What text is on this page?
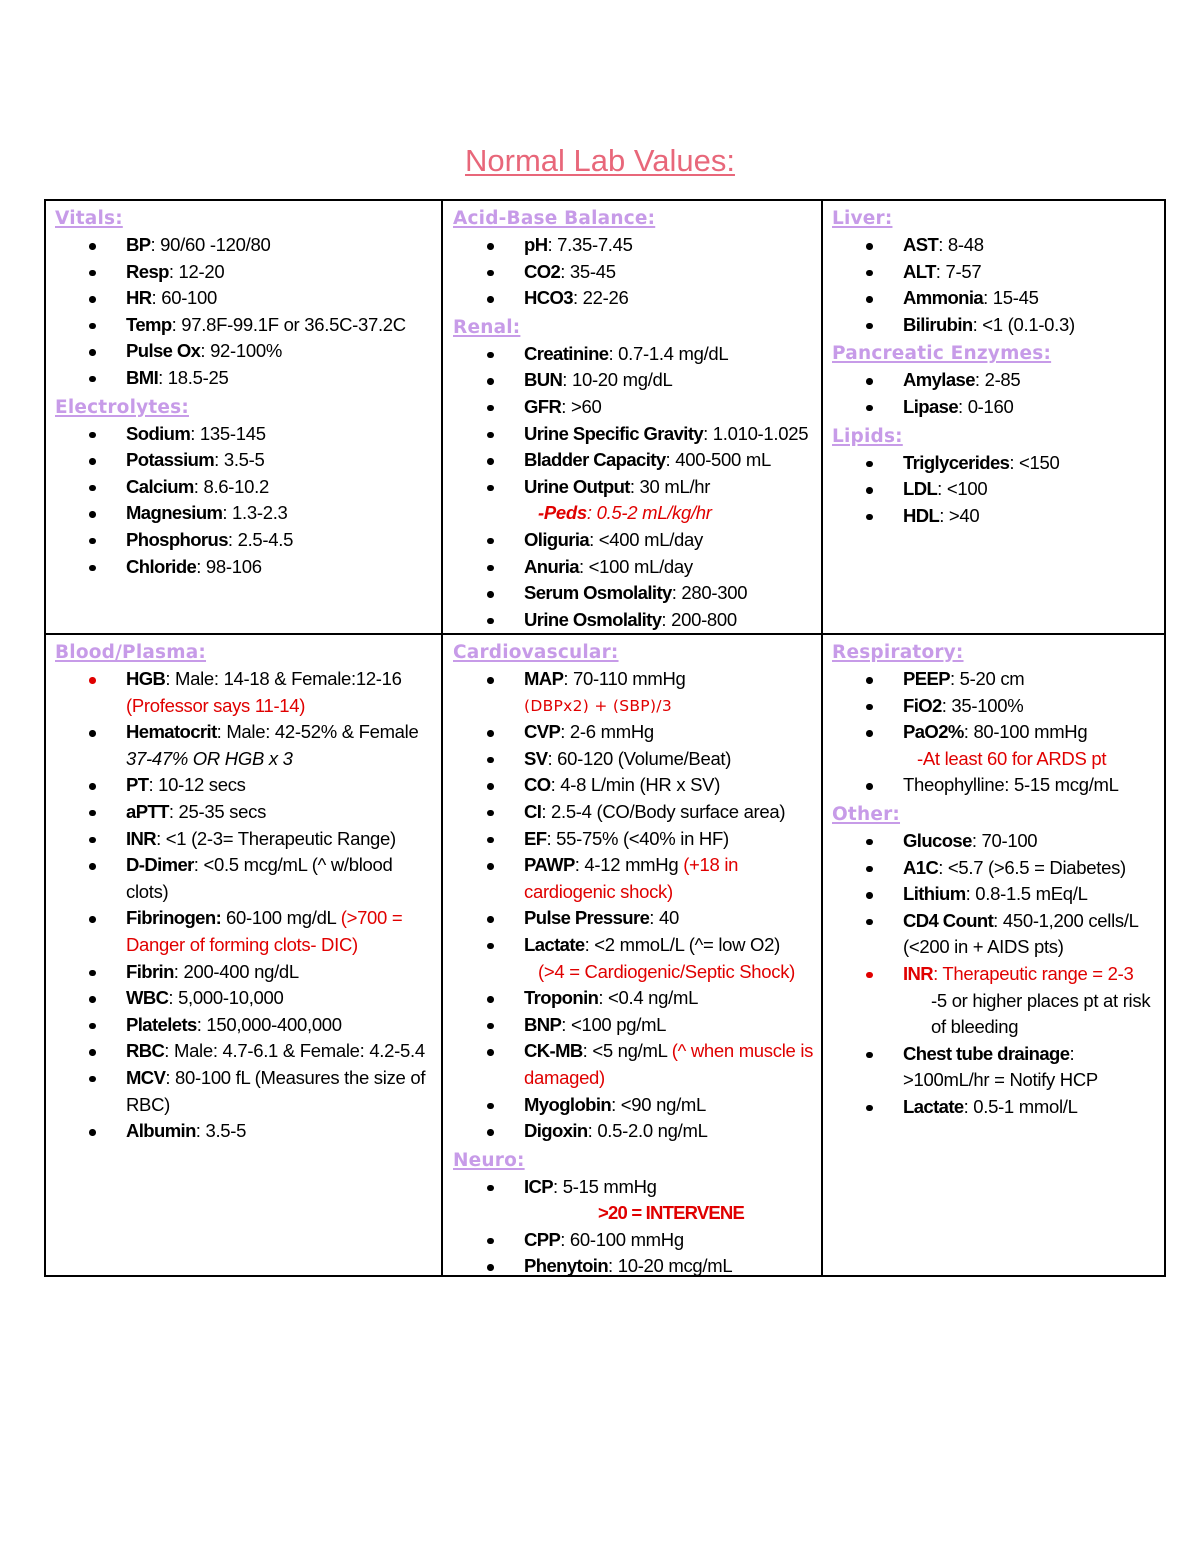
Normal Lab Values:
Vitals:
BP: 90/60 -120/80
Resp: 12-20
HR: 60-100
Temp: 97.8F-99.1F or 36.5C-37.2C
Pulse Ox: 92-100%
BMI: 18.5-25
Electrolytes:
Sodium: 135-145
Potassium: 3.5-5
Calcium: 8.6-10.2
Magnesium: 1.3-2.3
Phosphorus: 2.5-4.5
Chloride: 98-106
Acid-Base Balance:
pH: 7.35-7.45
CO2: 35-45
HCO3: 22-26
Renal:
Creatinine: 0.7-1.4 mg/dL
BUN: 10-20 mg/dL
GFR: >60
Urine Specific Gravity: 1.010-1.025
Bladder Capacity: 400-500 mL
Urine Output: 30 mL/hr
-Peds: 0.5-2 mL/kg/hr
Oliguria: <400 mL/day
Anuria: <100 mL/day
Serum Osmolality: 280-300
Urine Osmolality: 200-800
Liver:
AST: 8-48
ALT: 7-57
Ammonia: 15-45
Bilirubin: <1 (0.1-0.3)
Pancreatic Enzymes:
Amylase: 2-85
Lipase: 0-160
Lipids:
Triglycerides: <150
LDL: <100
HDL: >40
Blood/Plasma:
HGB: Male: 14-18 & Female:12-16
(Professor says 11-14)
Hematocrit: Male: 42-52% & Female
37-47% OR HGB x 3
PT: 10-12 secs
aPTT: 25-35 secs
INR: <1 (2-3= Therapeutic Range)
D-Dimer: <0.5 mcg/mL (^ w/blood clots)
Fibrinogen: 60-100 mg/dL (>700 = Danger of forming clots- DIC)
Fibrin: 200-400 ng/dL
WBC: 5,000-10,000
Platelets: 150,000-400,000
RBC: Male: 4.7-6.1 & Female: 4.2-5.4
MCV: 80-100 fL (Measures the size of RBC)
Albumin: 3.5-5
Cardiovascular:
MAP: 70-110 mmHg
(DBPx2) + (SBP)/3
CVP: 2-6 mmHg
SV: 60-120 (Volume/Beat)
CO: 4-8 L/min (HR x SV)
CI: 2.5-4 (CO/Body surface area)
EF: 55-75% (<40% in HF)
PAWP: 4-12 mmHg (+18 in cardiogenic shock)
Pulse Pressure: 40
Lactate: <2 mmoL/L (^= low O2)
(>4 = Cardiogenic/Septic Shock)
Troponin: <0.4 ng/mL
BNP: <100 pg/mL
CK-MB: <5 ng/mL (^ when muscle is damaged)
Myoglobin: <90 ng/mL
Digoxin: 0.5-2.0 ng/mL
Neuro:
ICP: 5-15 mmHg
>20 = INTERVENE
CPP: 60-100 mmHg
Phenytoin: 10-20 mcg/mL
Respiratory:
PEEP: 5-20 cm
FiO2: 35-100%
PaO2%: 80-100 mmHg
-At least 60 for ARDS pt
Theophylline: 5-15 mcg/mL
Other:
Glucose: 70-100
A1C: <5.7 (>6.5 = Diabetes)
Lithium: 0.8-1.5 mEq/L
CD4 Count: 450-1,200 cells/L (<200 in + AIDS pts)
INR: Therapeutic range = 2-3
-5 or higher places pt at risk of bleeding
Chest tube drainage: >100mL/hr = Notify HCP
Lactate: 0.5-1 mmol/L
